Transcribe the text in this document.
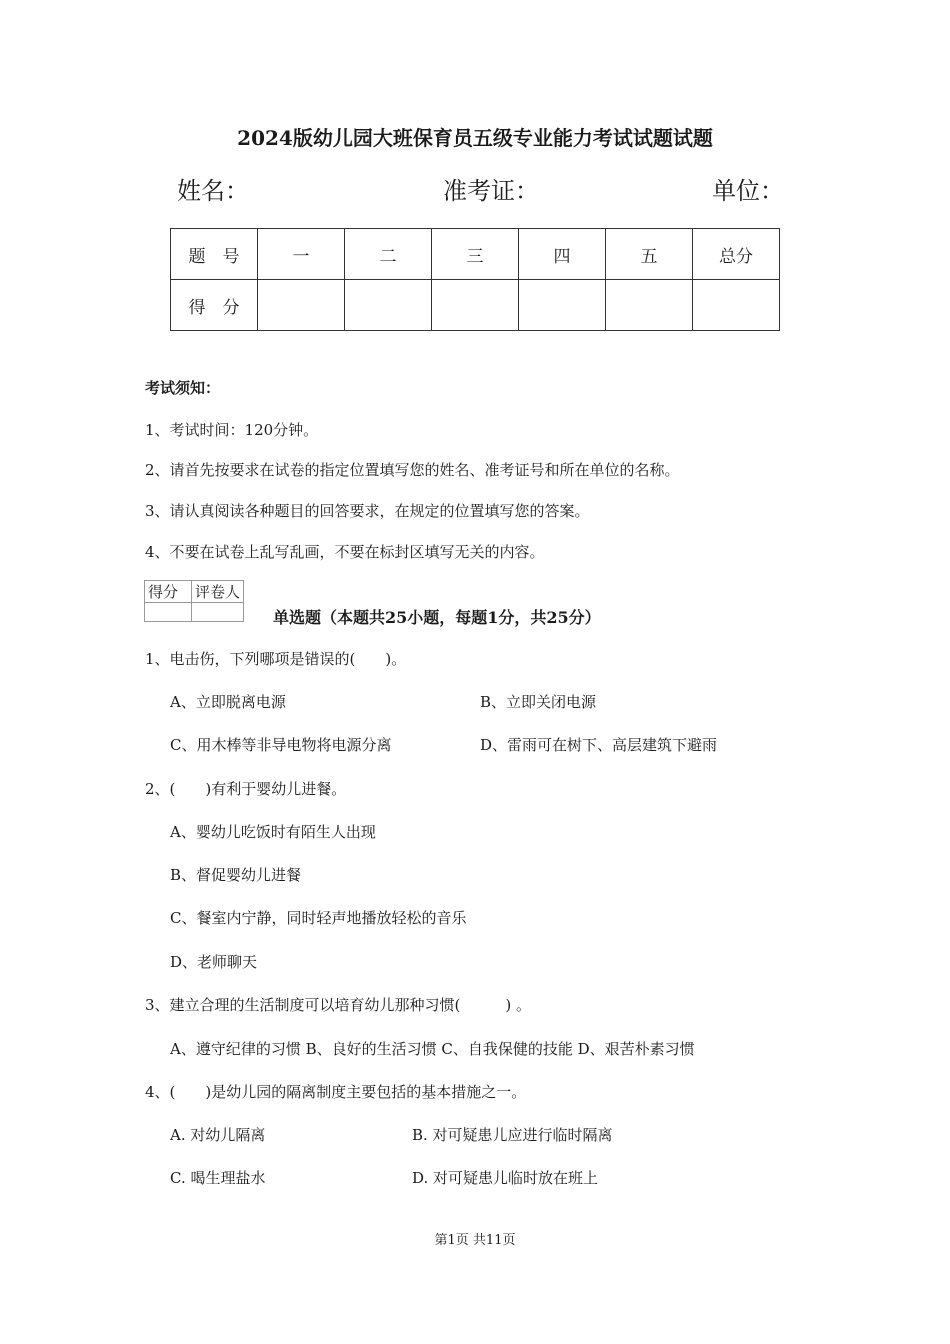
2024版幼儿园大班保育员五级专业能力考试试题试题
姓名：	准考证：	单位：
题　号	一	二	三	四	五	总分
得　分						
考试须知：
1、考试时间：120分钟。
2、请首先按要求在试卷的指定位置填写您的姓名、准考证号和所在单位的名称。
3、请认真阅读各种题目的回答要求，在规定的位置填写您的答案。
4、不要在试卷上乱写乱画，不要在标封区填写无关的内容。
得分	评卷人

单选题（本题共25小题，每题1分，共25分）
1、电击伤，下列哪项是错误的(　　)。
A、立即脱离电源	B、立即关闭电源
C、用木棒等非导电物将电源分离	D、雷雨可在树下、高层建筑下避雨
2、(　　)有利于婴幼儿进餐。
A、婴幼儿吃饭时有陌生人出现
B、督促婴幼儿进餐
C、餐室内宁静，同时轻声地播放轻松的音乐
D、老师聊天
3、建立合理的生活制度可以培育幼儿那种习惯(　　　) 。
A、遵守纪律的习惯 B、良好的生活习惯 C、自我保健的技能 D、艰苦朴素习惯
4、(　　)是幼儿园的隔离制度主要包括的基本措施之一。
A. 对幼儿隔离	B. 对可疑患儿应进行临时隔离
C. 喝生理盐水	D. 对可疑患儿临时放在班上
第1页 共11页
